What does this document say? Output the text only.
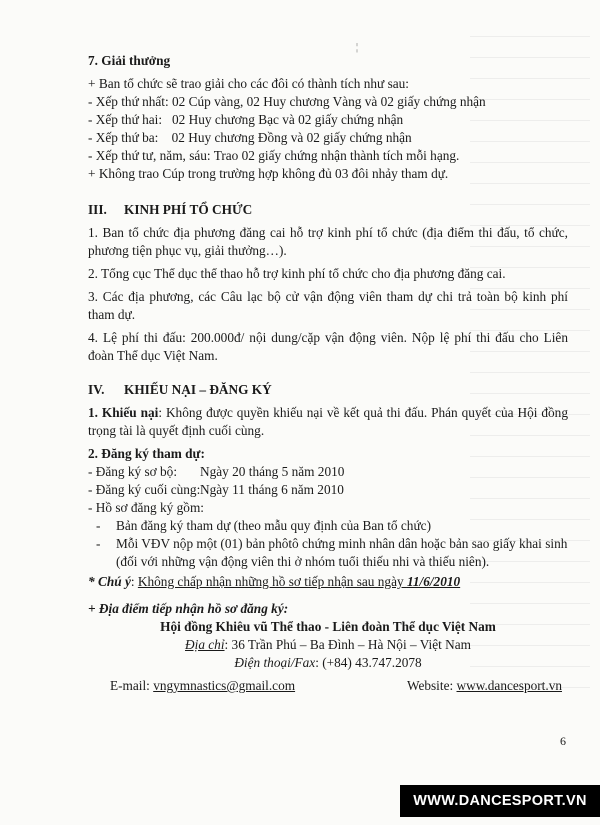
¦
7. Giải thưởng
+ Ban tổ chức sẽ trao giải cho các đôi có thành tích như sau:
- Xếp thứ nhất: 02 Cúp vàng, 02 Huy chương Vàng và 02 giấy chứng nhận
- Xếp thứ hai:   02 Huy chương Bạc và 02 giấy chứng nhận
- Xếp thứ ba:    02 Huy chương Đồng và 02 giấy chứng nhận
- Xếp thứ tư, năm, sáu: Trao 02 giấy chứng nhận thành tích mỗi hạng.
+ Không trao Cúp trong trường hợp không đủ 03 đôi nhảy tham dự.
III. KINH PHÍ TỔ CHỨC
1. Ban tổ chức địa phương đăng cai hỗ trợ kinh phí tổ chức (địa điểm thi đấu, tổ chức, phương tiện phục vụ, giải thưởng…).
2. Tổng cục Thể dục thể thao hỗ trợ kinh phí tổ chức cho địa phương đăng cai.
3. Các địa phương, các Câu lạc bộ cử vận động viên tham dự chi trả toàn bộ kinh phí tham dự.
4. Lệ phí thi đấu: 200.000đ/ nội dung/cặp vận động viên. Nộp lệ phí thi đấu cho Liên đoàn Thể dục Việt Nam.
IV. KHIẾU NẠI – ĐĂNG KÝ
1. Khiếu nại: Không được quyền khiếu nại về kết quả thi đấu. Phán quyết của Hội đồng trọng tài là quyết định cuối cùng.
2. Đăng ký tham dự:
- Đăng ký sơ bộ:	Ngày 20 tháng 5 năm 2010
- Đăng ký cuối cùng: Ngày 11 tháng 6 năm 2010
- Hồ sơ đăng ký gồm:
-	Bản đăng ký tham dự (theo mẫu quy định của Ban tổ chức)
-	Mỗi VĐV nộp một (01) bản phôtô chứng minh nhân dân hoặc bản sao giấy khai sinh (đối với những vận động viên thi ở nhóm tuổi thiếu nhi và thiếu niên).
* Chú ý: Không chấp nhận những hồ sơ tiếp nhận sau ngày 11/6/2010
+ Địa điểm tiếp nhận hồ sơ đăng ký:
Hội đồng Khiêu vũ Thể thao - Liên đoàn Thể dục Việt Nam
Địa chỉ: 36 Trần Phú – Ba Đình – Hà Nội – Việt Nam
Điện thoại/Fax: (+84) 43.747.2078
E-mail: vngymnastics@gmail.com	Website: www.dancesport.vn
6
WWW.DANCESPORT.VN
